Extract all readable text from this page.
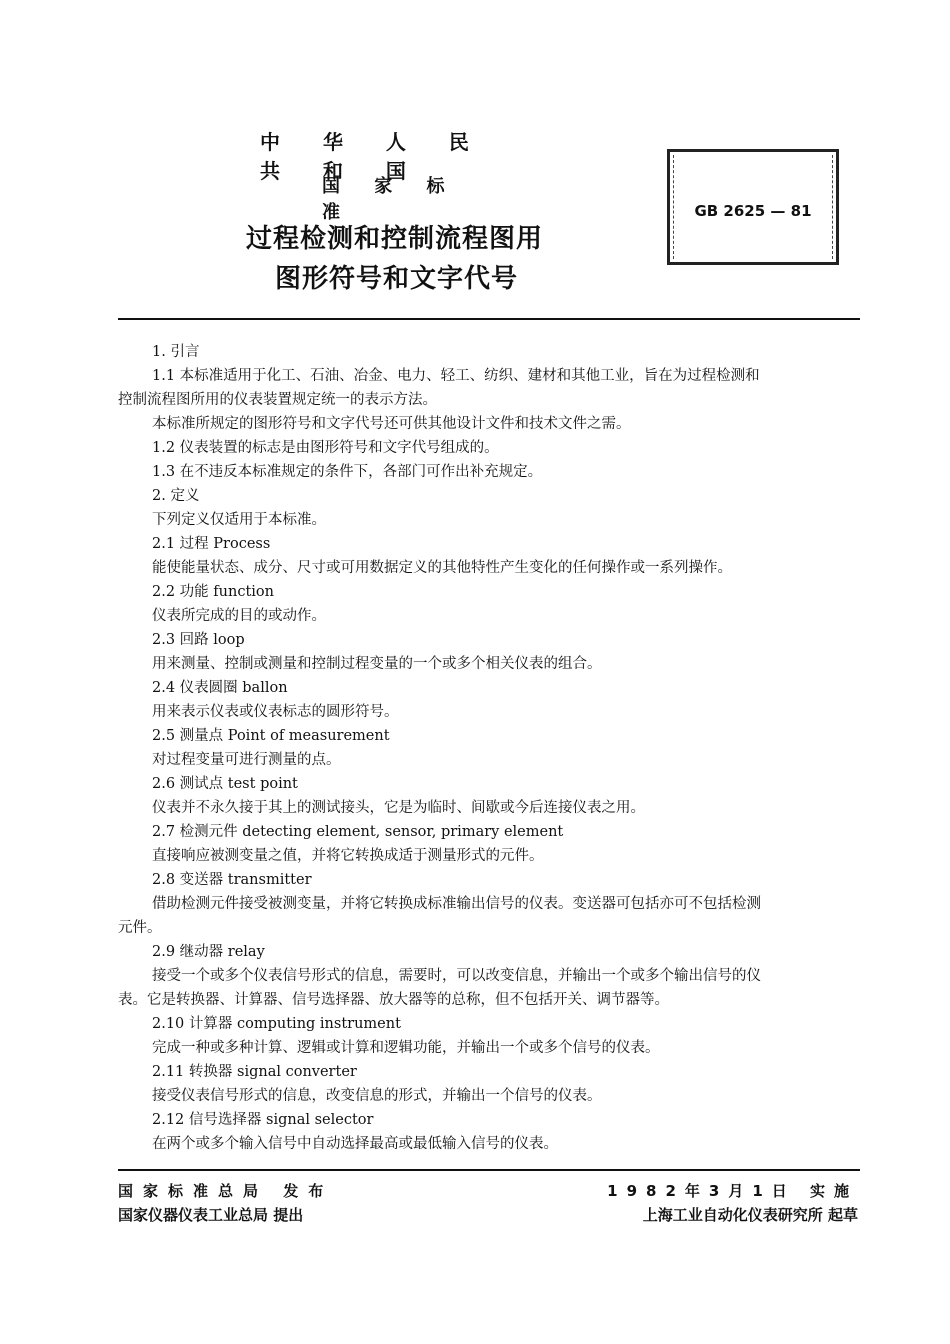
中 华 人 民 共 和 国
国 家 标 准
过程检测和控制流程图用
图形符号和文字代号
GB 2625 — 81
1. 引言
1.1 本标准适用于化工、石油、冶金、电力、轻工、纺织、建材和其他工业，旨在为过程检测和
控制流程图所用的仪表装置规定统一的表示方法。
本标准所规定的图形符号和文字代号还可供其他设计文件和技术文件之需。
1.2 仪表装置的标志是由图形符号和文字代号组成的。
1.3 在不违反本标准规定的条件下，各部门可作出补充规定。
2. 定义
下列定义仅适用于本标准。
2.1 过程 Process
能使能量状态、成分、尺寸或可用数据定义的其他特性产生变化的任何操作或一系列操作。
2.2 功能 function
仪表所完成的目的或动作。
2.3 回路 loop
用来测量、控制或测量和控制过程变量的一个或多个相关仪表的组合。
2.4 仪表圆圈 ballon
用来表示仪表或仪表标志的圆形符号。
2.5 测量点 Point of measurement
对过程变量可进行测量的点。
2.6 测试点 test point
仪表并不永久接于其上的测试接头，它是为临时、间歇或今后连接仪表之用。
2.7 检测元件 detecting element, sensor, primary element
直接响应被测变量之值，并将它转换成适于测量形式的元件。
2.8 变送器 transmitter
借助检测元件接受被测变量，并将它转换成标准输出信号的仪表。变送器可包括亦可不包括检测
元件。
2.9 继动器 relay
接受一个或多个仪表信号形式的信息，需要时，可以改变信息，并输出一个或多个输出信号的仪
表。它是转换器、计算器、信号选择器、放大器等的总称，但不包括开关、调节器等。
2.10 计算器 computing instrument
完成一种或多种计算、逻辑或计算和逻辑功能，并输出一个或多个信号的仪表。
2.11 转换器 signal converter
接受仪表信号形式的信息，改变信息的形式，并输出一个信号的仪表。
2.12 信号选择器 signal selector
在两个或多个输入信号中自动选择最高或最低输入信号的仪表。
国家标准总局 发布
国家仪器仪表工业总局 提出
1982年3月1日 实施
上海工业自动化仪表研究所 起草
